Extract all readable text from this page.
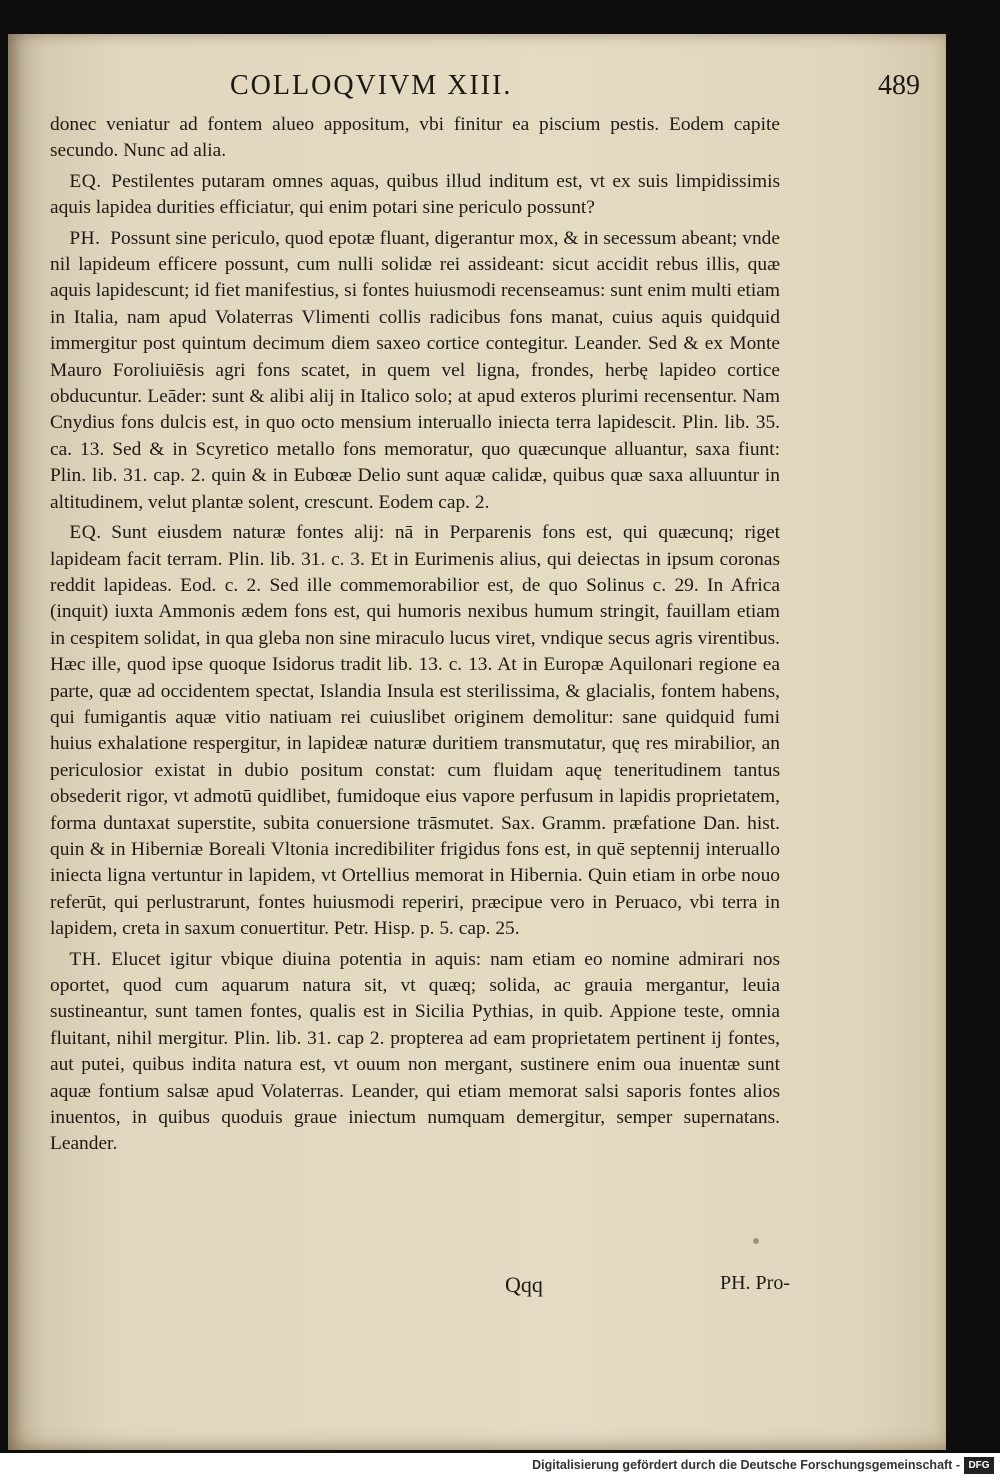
COLLOQVIVM XIII.	489

donec veniatur ad fontem alueo appositum, vbi finitur ea piscium pestis. Eodem capite secundo. Nunc ad alia.

 EQ.  Pestilentes putaram omnes aquas, quibus illud inditum est, vt ex suis limpidissimis aquis lapidea durities efficiatur, qui enim potari sine periculo possunt?

 PH.  Possunt sine periculo, quod epotæ fluant, digerantur mox, & in secessum abeant; vnde nil lapideum efficere possunt, cum nulli solidæ rei assideant: sicut accidit rebus illis, quæ aquis lapidescunt; id fiet manifestius, si fontes huiusmodi recenseamus: sunt enim multi etiam in Italia, nam apud Volaterras Vlimenti collis radicibus fons manat, cuius aquis quidquid immergitur post quintum decimum diem saxeo cortice contegitur. Leander. Sed & ex Monte Mauro Foroliuiēsis agri fons scatet, in quem vel ligna, frondes, herbę lapideo cortice obducuntur. Leāder: sunt & alibi alij in Italico solo; at apud exteros plurimi recensentur. Nam Cnydius fons dulcis est, in quo octo mensium interuallo iniecta terra lapidescit. Plin. lib. 35. ca. 13. Sed & in Scyretico metallo fons memoratur, quo quæcunque alluantur, saxa fiunt: Plin. lib. 31. cap. 2. quin & in Eubœæ Delio sunt aquæ calidæ, quibus quæ saxa alluuntur in altitudinem, velut plantæ solent, crescunt. Eodem cap. 2.

 EQ.  Sunt eiusdem naturæ fontes alij: nā in Perparenis fons est, qui quæcunq; riget lapideam facit terram. Plin. lib. 31. c. 3. Et in Eurimenis alius, qui deiectas in ipsum coronas reddit lapideas. Eod. c. 2. Sed ille commemorabilior est, de quo Solinus c. 29. In Africa (inquit) iuxta Ammonis ædem fons est, qui humoris nexibus humum stringit, fauillam etiam in cespitem solidat, in qua gleba non sine miraculo lucus viret, vndique secus agris virentibus. Hæc ille, quod ipse quoque Isidorus tradit lib. 13. c. 13. At in Europæ Aquilonari regione ea parte, quæ ad occidentem spectat, Islandia Insula est sterilissima, & glacialis, fontem habens, qui fumigantis aquæ vitio natiuam rei cuiuslibet originem demolitur: sane quidquid fumi huius exhalatione respergitur, in lapideæ naturæ duritiem transmutatur, quę res mirabilior, an periculosior existat in dubio positum constat: cum fluidam aquę teneritudinem tantus obsederit rigor, vt admotū quidlibet, fumidoque eius vapore perfusum in lapidis proprietatem, forma duntaxat superstite, subita conuersione trāsmutet. Sax. Gramm. præfatione Dan. hist. quin & in Hiberniæ Boreali Vltonia incredibiliter frigidus fons est, in quē septennij interuallo iniecta ligna vertuntur in lapidem, vt Ortellius memorat in Hibernia. Quin etiam in orbe nouo referūt, qui perlustrarunt, fontes huiusmodi reperiri, præcipue vero in Peruaco, vbi terra in lapidem, creta in saxum conuertitur. Petr. Hisp. p. 5. cap. 25.

 TH.  Elucet igitur vbique diuina potentia in aquis: nam etiam eo nomine admirari nos oportet, quod cum aquarum natura sit, vt quæq; solida, ac grauia mergantur, leuia sustineantur, sunt tamen fontes, qualis est in Sicilia Pythias, in quib. Appione teste, omnia fluitant, nihil mergitur. Plin. lib. 31. cap 2. propterea ad eam proprietatem pertinent ij fontes, aut putei, quibus indita natura est, vt ouum non mergant, sustinere enim oua inuentæ sunt aquæ fontium salsæ apud Volaterras. Leander, qui etiam memorat salsi saporis fontes alios inuentos, in quibus quoduis graue iniectum numquam demergitur, semper supernatans. Leander.

Qqq	PH. Pro-
Digitalisierung gefördert durch die Deutsche Forschungsgemeinschaft - DFG
